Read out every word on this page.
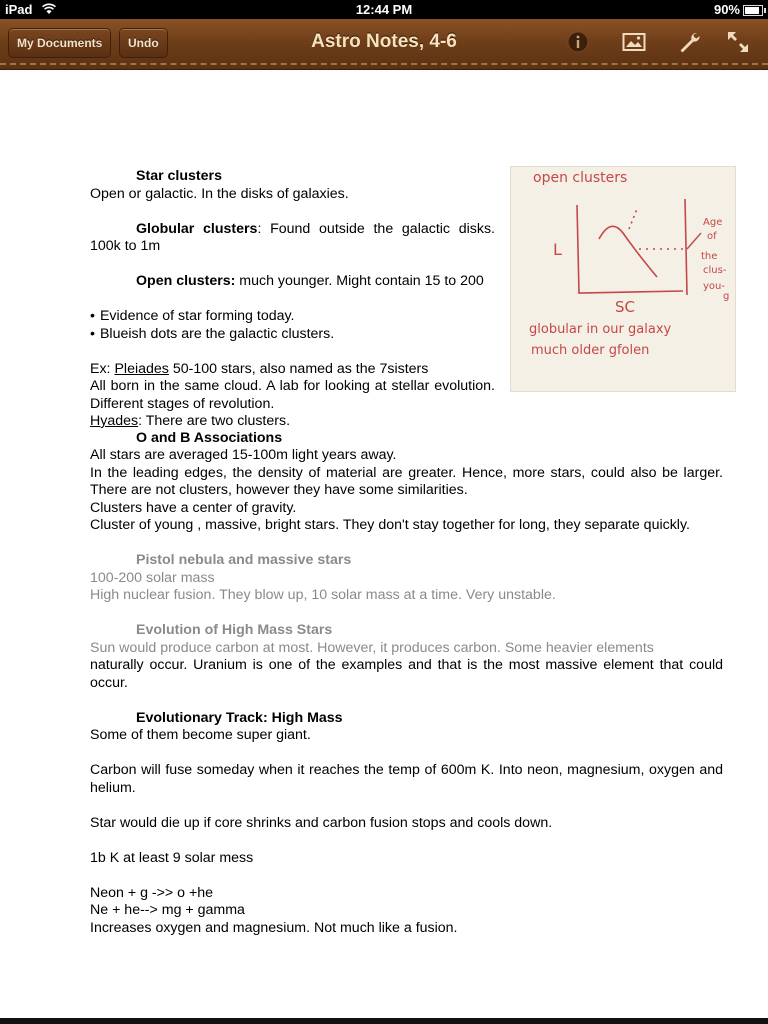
iPad	12:44 PM	90%
My Documents	Undo	Astro Notes, 4-6
open clusters
L
SC
Age
of
the
clus-
you-
g
globular in our galaxy
much older gfolen

Star clusters

Open or galactic. In the disks of galaxies.

Globular clusters: Found outside the galactic disks. 100k to 1m

Open clusters: much younger. Might contain 15 to 200

• Evidence of star forming today.

• Blueish dots are the galactic clusters.

Ex: Pleiades 50-100 stars, also named as the 7sisters

All born in the same cloud. A lab for looking at stellar evolution. Different stages of revolution.

Hyades: There are two clusters.

O and B Associations

All stars are averaged 15-100m light years away.

In the leading edges, the density of material are greater. Hence, more stars, could also be larger. There are not clusters, however they have some similarities.

Clusters have a center of gravity.

Cluster of young , massive, bright stars. They don't stay together for long, they separate quickly.

Pistol nebula and massive stars

100-200 solar mass

High nuclear fusion. They blow up, 10 solar mass at a time. Very unstable.

Evolution of High Mass Stars

Sun would produce carbon at most. However, it produces carbon. Some heavier elements

naturally occur. Uranium is one of the examples and that is the most massive element that could occur.

Evolutionary Track: High Mass

Some of them become super giant.

Carbon will fuse someday when it reaches the temp of 600m K. Into neon, magnesium, oxygen and helium.

Star would die up if core shrinks and carbon fusion stops and cools down.

1b K at least 9 solar mess

Neon + g ->> o +he

Ne + he--> mg + gamma

Increases oxygen and magnesium. Not much like a fusion.
